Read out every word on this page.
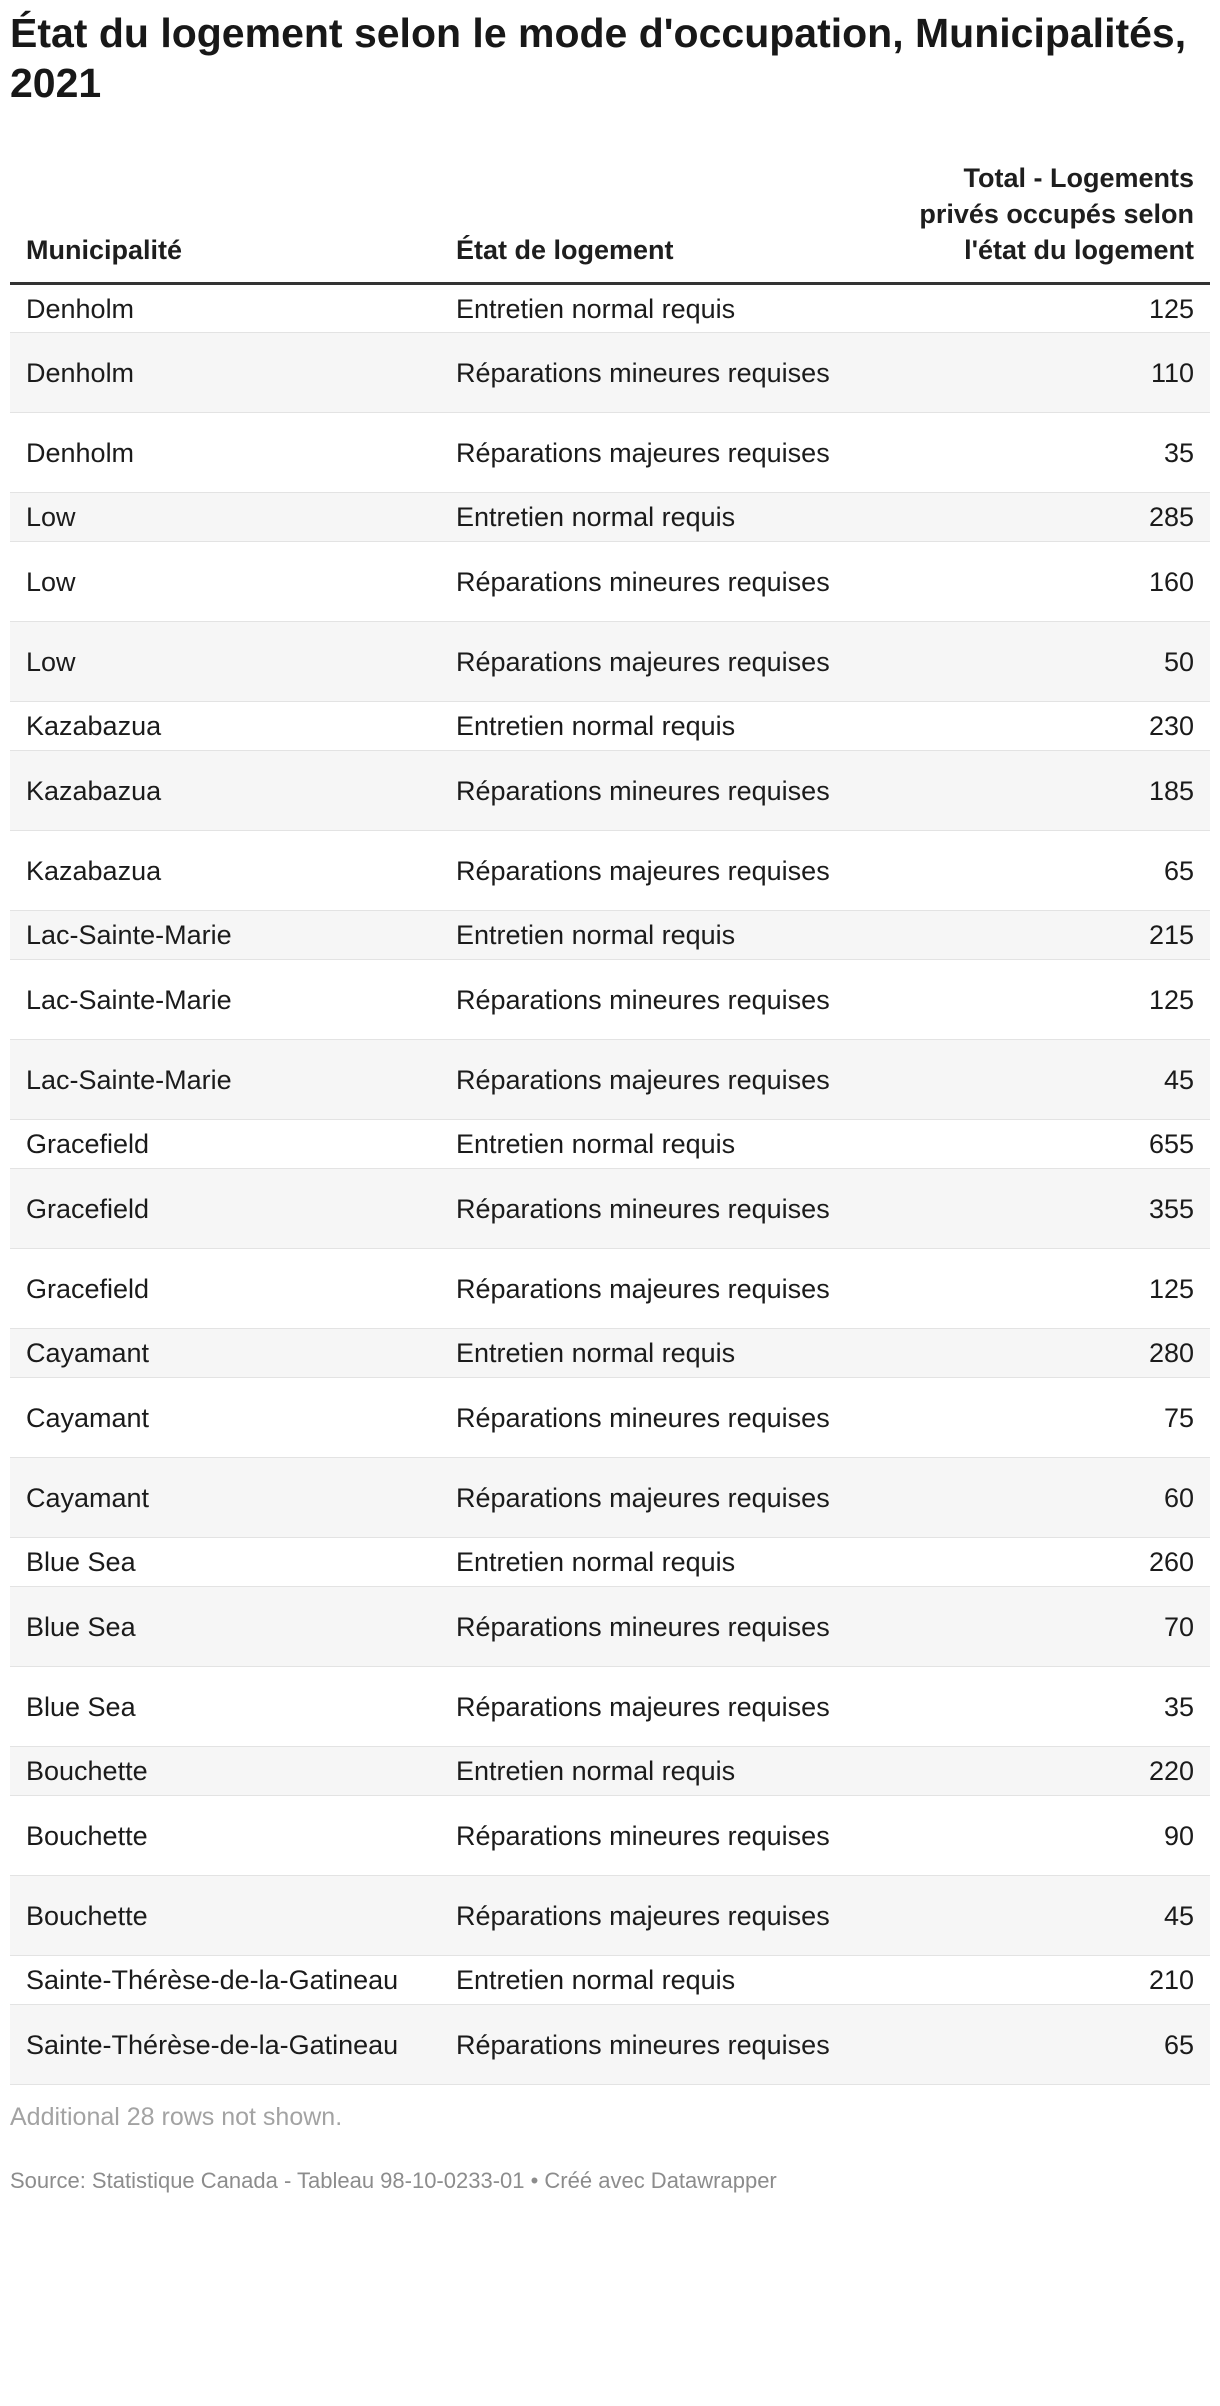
État du logement selon le mode d'occupation, Municipalités, 2021
Municipalité	État de logement	Total - Logements privés occupés selon l'état du logement
Denholm	Entretien normal requis	125
Denholm	Réparations mineures requises	110
Denholm	Réparations majeures requises	35
Low	Entretien normal requis	285
Low	Réparations mineures requises	160
Low	Réparations majeures requises	50
Kazabazua	Entretien normal requis	230
Kazabazua	Réparations mineures requises	185
Kazabazua	Réparations majeures requises	65
Lac-Sainte-Marie	Entretien normal requis	215
Lac-Sainte-Marie	Réparations mineures requises	125
Lac-Sainte-Marie	Réparations majeures requises	45
Gracefield	Entretien normal requis	655
Gracefield	Réparations mineures requises	355
Gracefield	Réparations majeures requises	125
Cayamant	Entretien normal requis	280
Cayamant	Réparations mineures requises	75
Cayamant	Réparations majeures requises	60
Blue Sea	Entretien normal requis	260
Blue Sea	Réparations mineures requises	70
Blue Sea	Réparations majeures requises	35
Bouchette	Entretien normal requis	220
Bouchette	Réparations mineures requises	90
Bouchette	Réparations majeures requises	45
Sainte-Thérèse-de-la-Gatineau	Entretien normal requis	210
Sainte-Thérèse-de-la-Gatineau	Réparations mineures requises	65
Additional 28 rows not shown.
Source: Statistique Canada - Tableau 98-10-0233-01 • Créé avec Datawrapper
